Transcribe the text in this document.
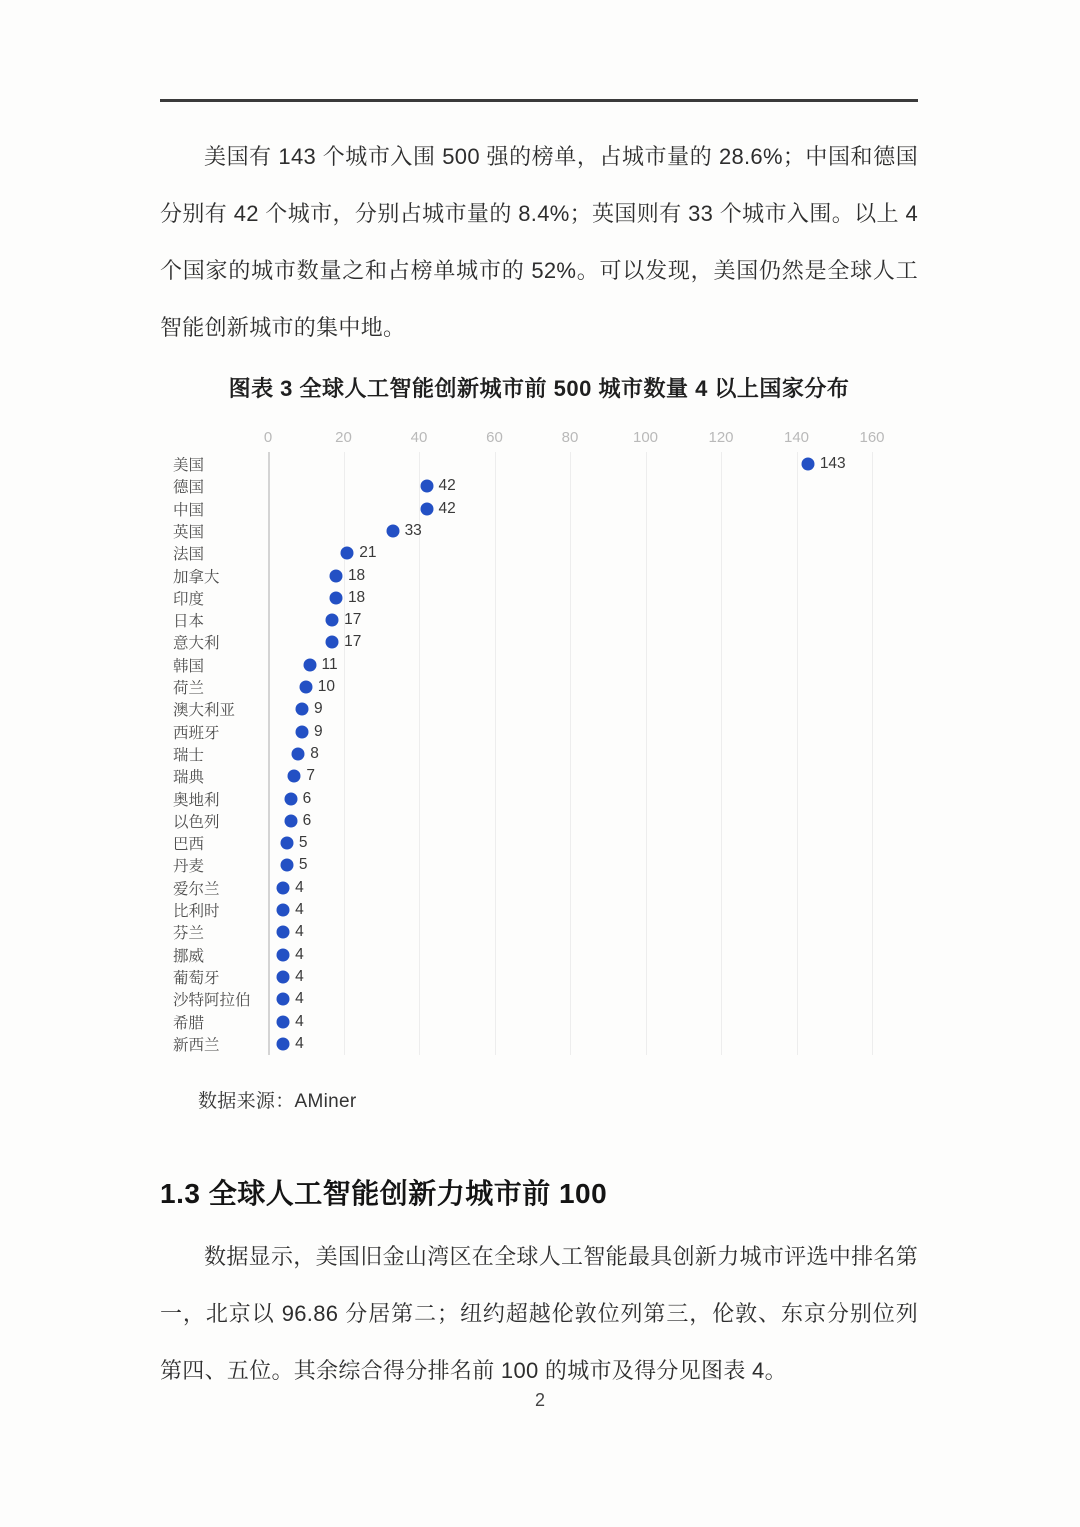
美国有 143 个城市入围 500 强的榜单，占城市量的 28.6%；中国和德国分别有 42 个城市，分别占城市量的 8.4%；英国则有 33 个城市入围。以上 4 个国家的城市数量之和占榜单城市的 52%。可以发现，美国仍然是全球人工智能创新城市的集中地。
图表 3 全球人工智能创新城市前 500 城市数量 4 以上国家分布
0	20	40	60	80	100	120	140	160
美国	143
德国	42
中国	42
英国	33
法国	21
加拿大	18
印度	18
日本	17
意大利	17
韩国	11
荷兰	10
澳大利亚	9
西班牙	9
瑞士	8
瑞典	7
奥地利	6
以色列	6
巴西	5
丹麦	5
爱尔兰	4
比利时	4
芬兰	4
挪威	4
葡萄牙	4
沙特阿拉伯	4
希腊	4
新西兰	4
数据来源：AMiner
1.3 全球人工智能创新力城市前 100
数据显示，美国旧金山湾区在全球人工智能最具创新力城市评选中排名第一，北京以 96.86 分居第二；纽约超越伦敦位列第三，伦敦、东京分别位列第四、五位。其余综合得分排名前 100 的城市及得分见图表 4。
2
